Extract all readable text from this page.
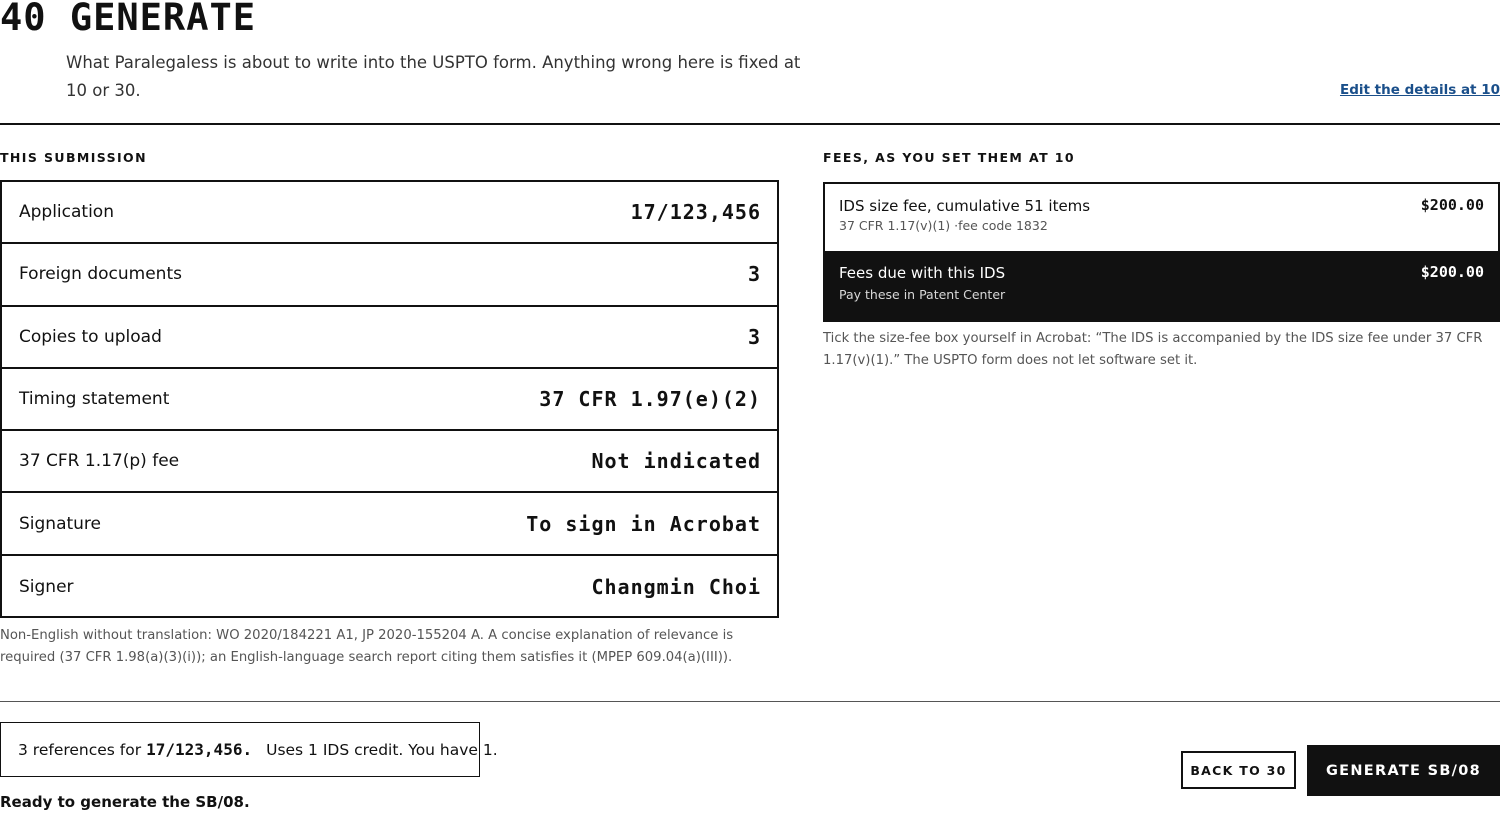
40 GENERATE

What Paralegaless is about to write into the USPTO form. Anything wrong here is fixed at 10 or 30.	Edit the details at 10
THIS SUBMISSION	FEES, AS YOU SET THEM AT 10
Application	17/123,456
Foreign documents	3
Copies to upload	3
Timing statement	37 CFR 1.97(e)(2)
37 CFR 1.17(p) fee	Not indicated
Signature	To sign in Acrobat
Signer	Changmin Choi

Non-English without translation: WO 2020/184221 A1, JP 2020-155204 A. A concise explanation of relevance is required (37 CFR 1.98(a)(3)(i)); an English-language search report citing them satisfies it (MPEP 609.04(a)(III)).

IDS size fee, cumulative 51 items
37 CFR 1.17(v)(1) ·fee code 1832
$200.00
Fees due with this IDS
Pay these in Patent Center
$200.00

Tick the size-fee box yourself in Acrobat: “The IDS is accompanied by the IDS size fee under 37 CFR 1.17(v)(1).” The USPTO form does not let software set it.

3 references for 17/123,456. Uses 1 IDS credit. You have 1.
Ready to generate the SB/08.
BACK TO 30	GENERATE SB/08
